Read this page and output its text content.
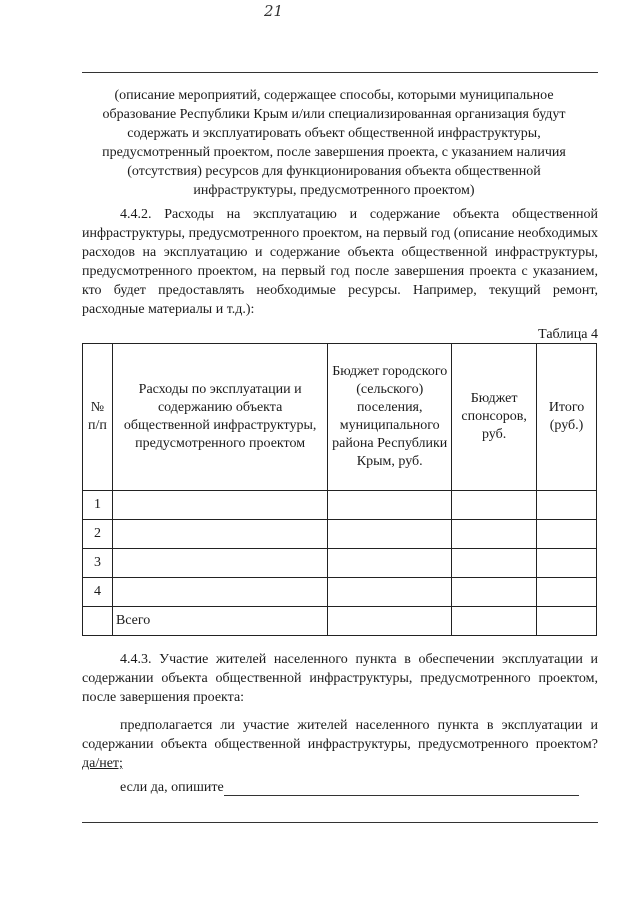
21
(описание мероприятий, содержащее способы, которыми муниципальное образование Республики Крым и/или специализированная организация будут содержать и эксплуатировать объект общественной инфраструктуры, предусмотренный проектом, после завершения проекта, с указанием наличия (отсутствия) ресурсов для функционирования объекта общественной инфраструктуры, предусмотренного проектом)
4.4.2. Расходы на эксплуатацию и содержание объекта общественной инфраструктуры, предусмотренного проектом, на первый год (описание необходимых расходов на эксплуатацию и содержание объекта общественной инфраструктуры, предусмотренного проектом, на первый год после завершения проекта с указанием, кто будет предоставлять необходимые ресурсы. Например, текущий ремонт, расходные материалы и т.д.):
Таблица 4
№ п/п	Расходы по эксплуатации и содержанию объекта общественной инфраструктуры, предусмотренного проектом	Бюджет городского (сельского) поселения, муниципального района Республики Крым, руб.	Бюджет спонсоров, руб.	Итого (руб.)
1				
2				
3				
4				
	Всего			
4.4.3. Участие жителей населенного пункта в обеспечении эксплуатации и содержании объекта общественной инфраструктуры, предусмотренного проектом, после завершения проекта:
предполагается ли участие жителей населенного пункта в эксплуатации и содержании объекта общественной инфраструктуры, предусмотренного проектом? да/нет;
если да, опишите
